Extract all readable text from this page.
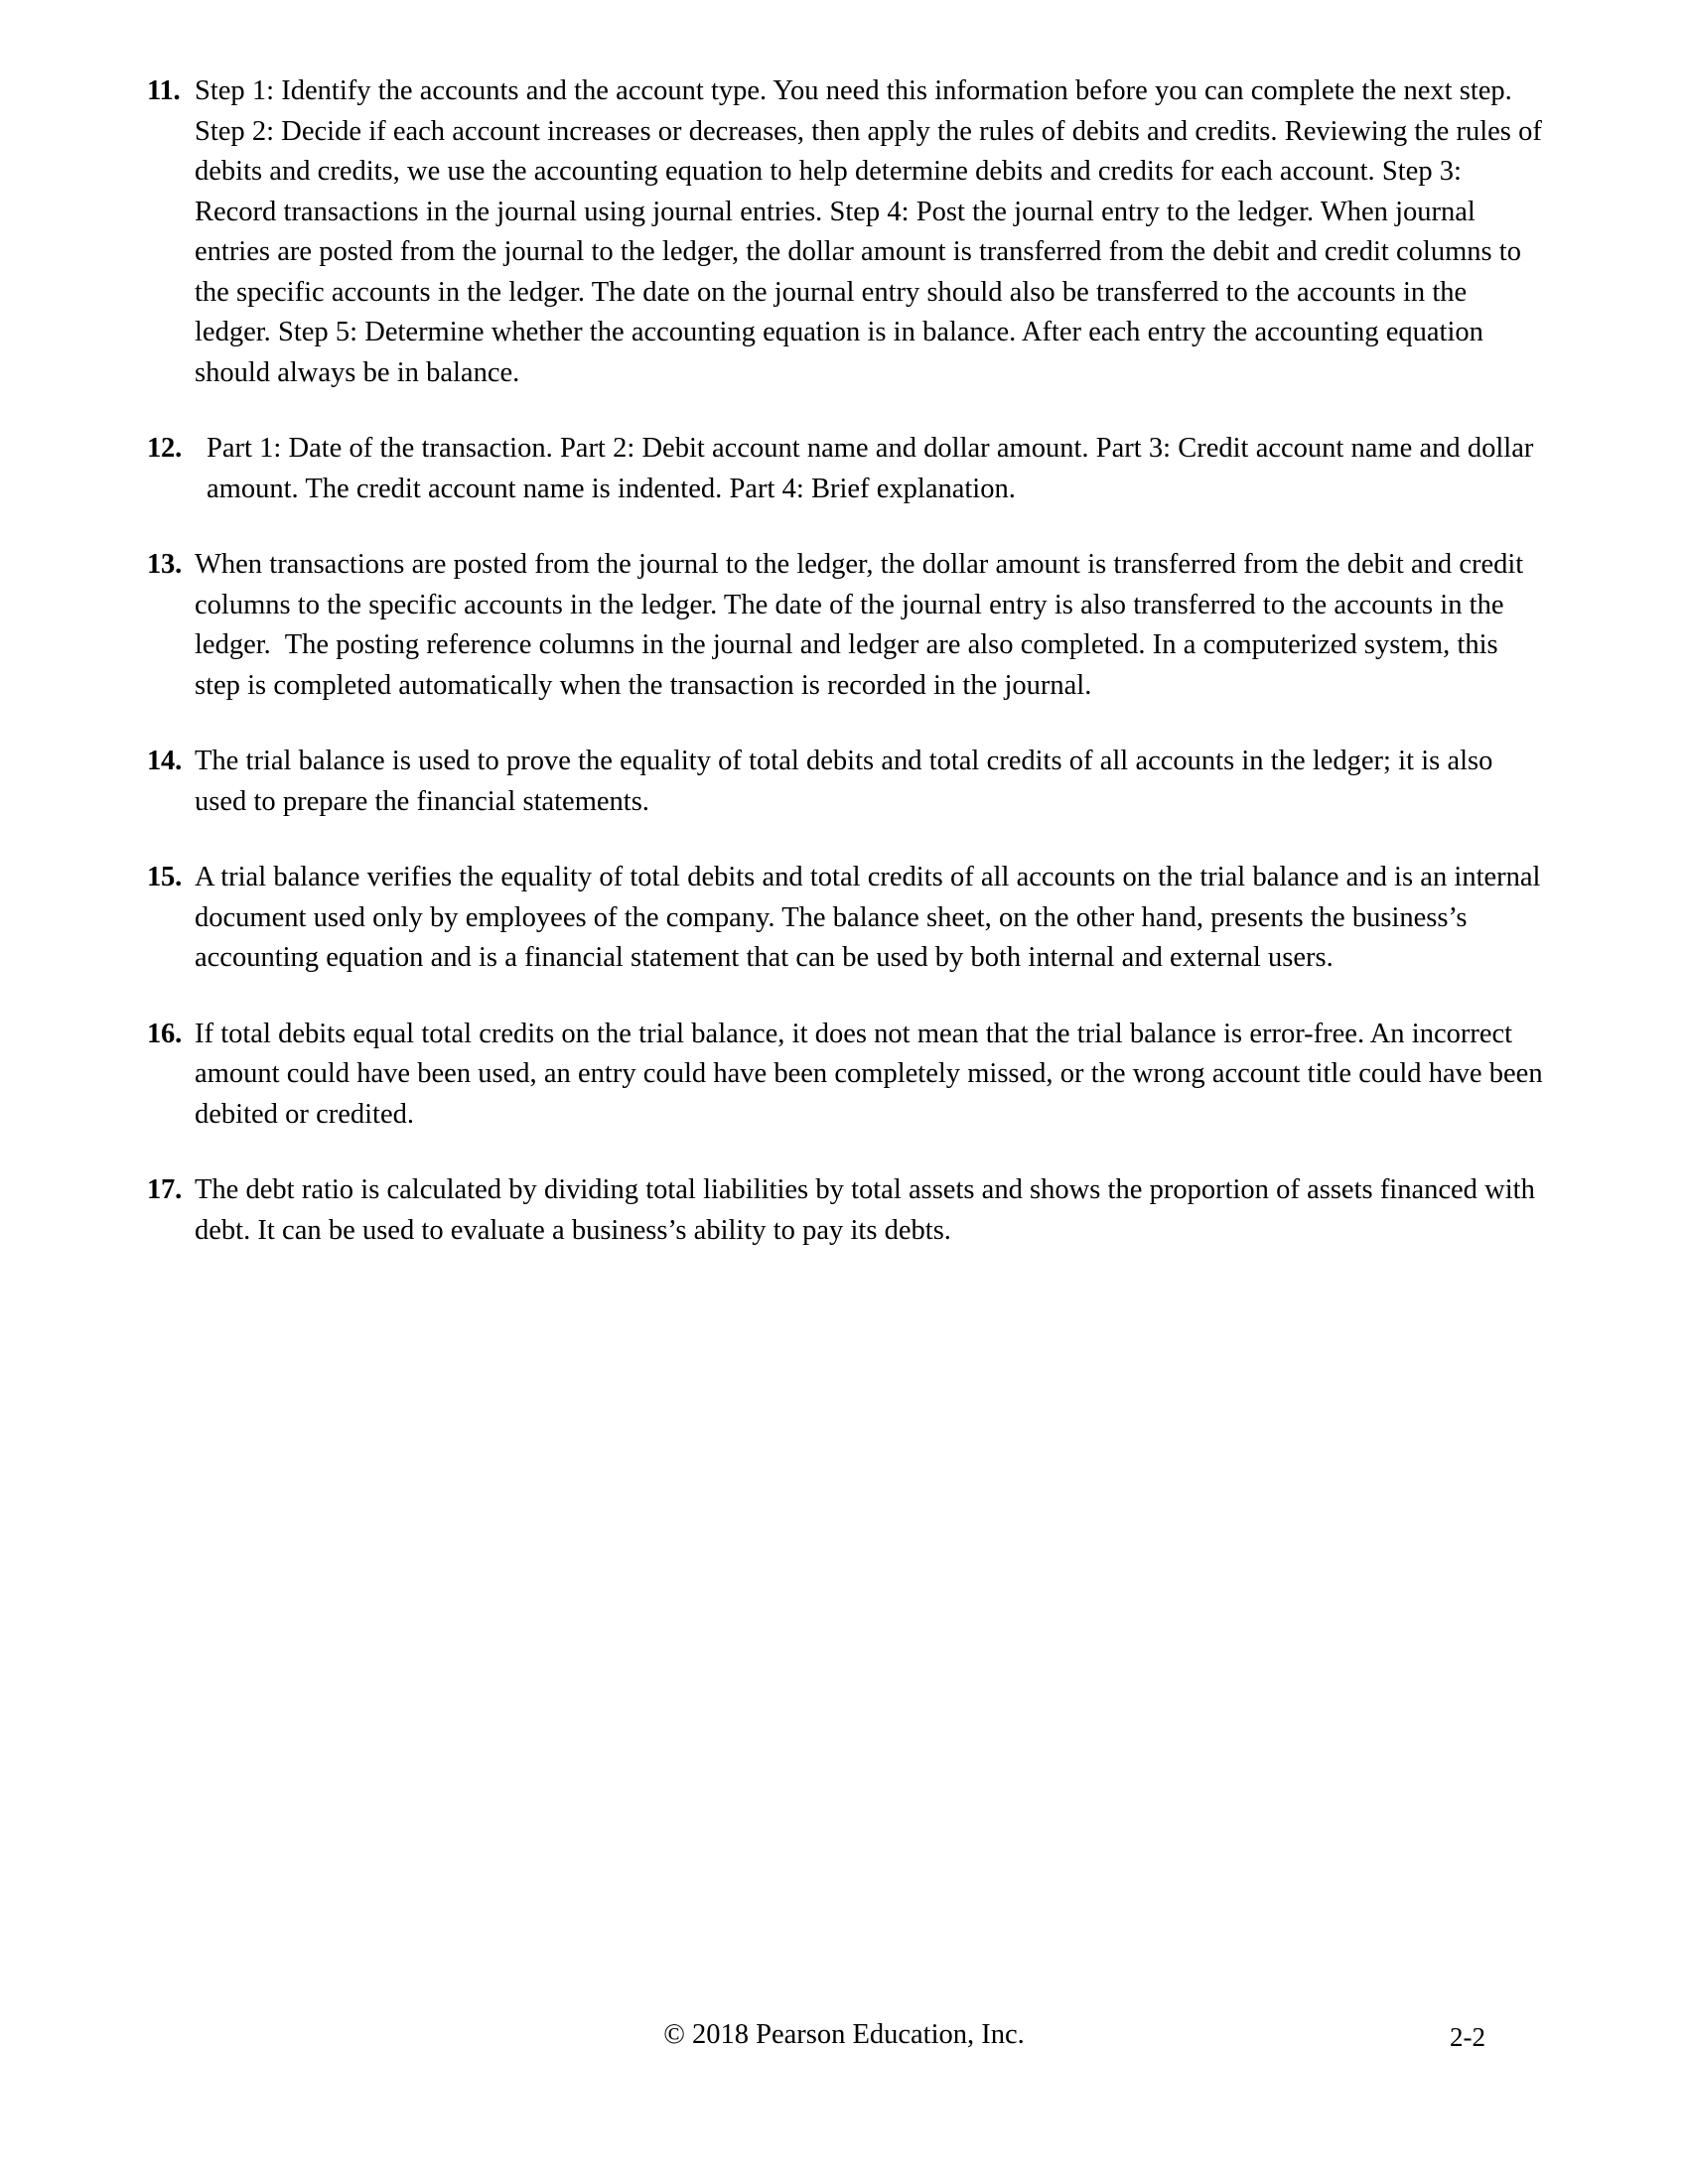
11. Step 1: Identify the accounts and the account type. You need this information before you can complete the next step. Step 2: Decide if each account increases or decreases, then apply the rules of debits and credits. Reviewing the rules of debits and credits, we use the accounting equation to help determine debits and credits for each account. Step 3: Record transactions in the journal using journal entries. Step 4: Post the journal entry to the ledger. When journal entries are posted from the journal to the ledger, the dollar amount is transferred from the debit and credit columns to the specific accounts in the ledger. The date on the journal entry should also be transferred to the accounts in the ledger. Step 5: Determine whether the accounting equation is in balance. After each entry the accounting equation should always be in balance.
12. Part 1: Date of the transaction. Part 2: Debit account name and dollar amount. Part 3: Credit account name and dollar amount. The credit account name is indented. Part 4: Brief explanation.
13. When transactions are posted from the journal to the ledger, the dollar amount is transferred from the debit and credit columns to the specific accounts in the ledger. The date of the journal entry is also transferred to the accounts in the ledger.  The posting reference columns in the journal and ledger are also completed. In a computerized system, this step is completed automatically when the transaction is recorded in the journal.
14. The trial balance is used to prove the equality of total debits and total credits of all accounts in the ledger; it is also used to prepare the financial statements.
15. A trial balance verifies the equality of total debits and total credits of all accounts on the trial balance and is an internal document used only by employees of the company. The balance sheet, on the other hand, presents the business’s accounting equation and is a financial statement that can be used by both internal and external users.
16. If total debits equal total credits on the trial balance, it does not mean that the trial balance is error-free. An incorrect amount could have been used, an entry could have been completely missed, or the wrong account title could have been debited or credited.
17. The debt ratio is calculated by dividing total liabilities by total assets and shows the proportion of assets financed with debt. It can be used to evaluate a business’s ability to pay its debts.
© 2018 Pearson Education, Inc.	2-2
